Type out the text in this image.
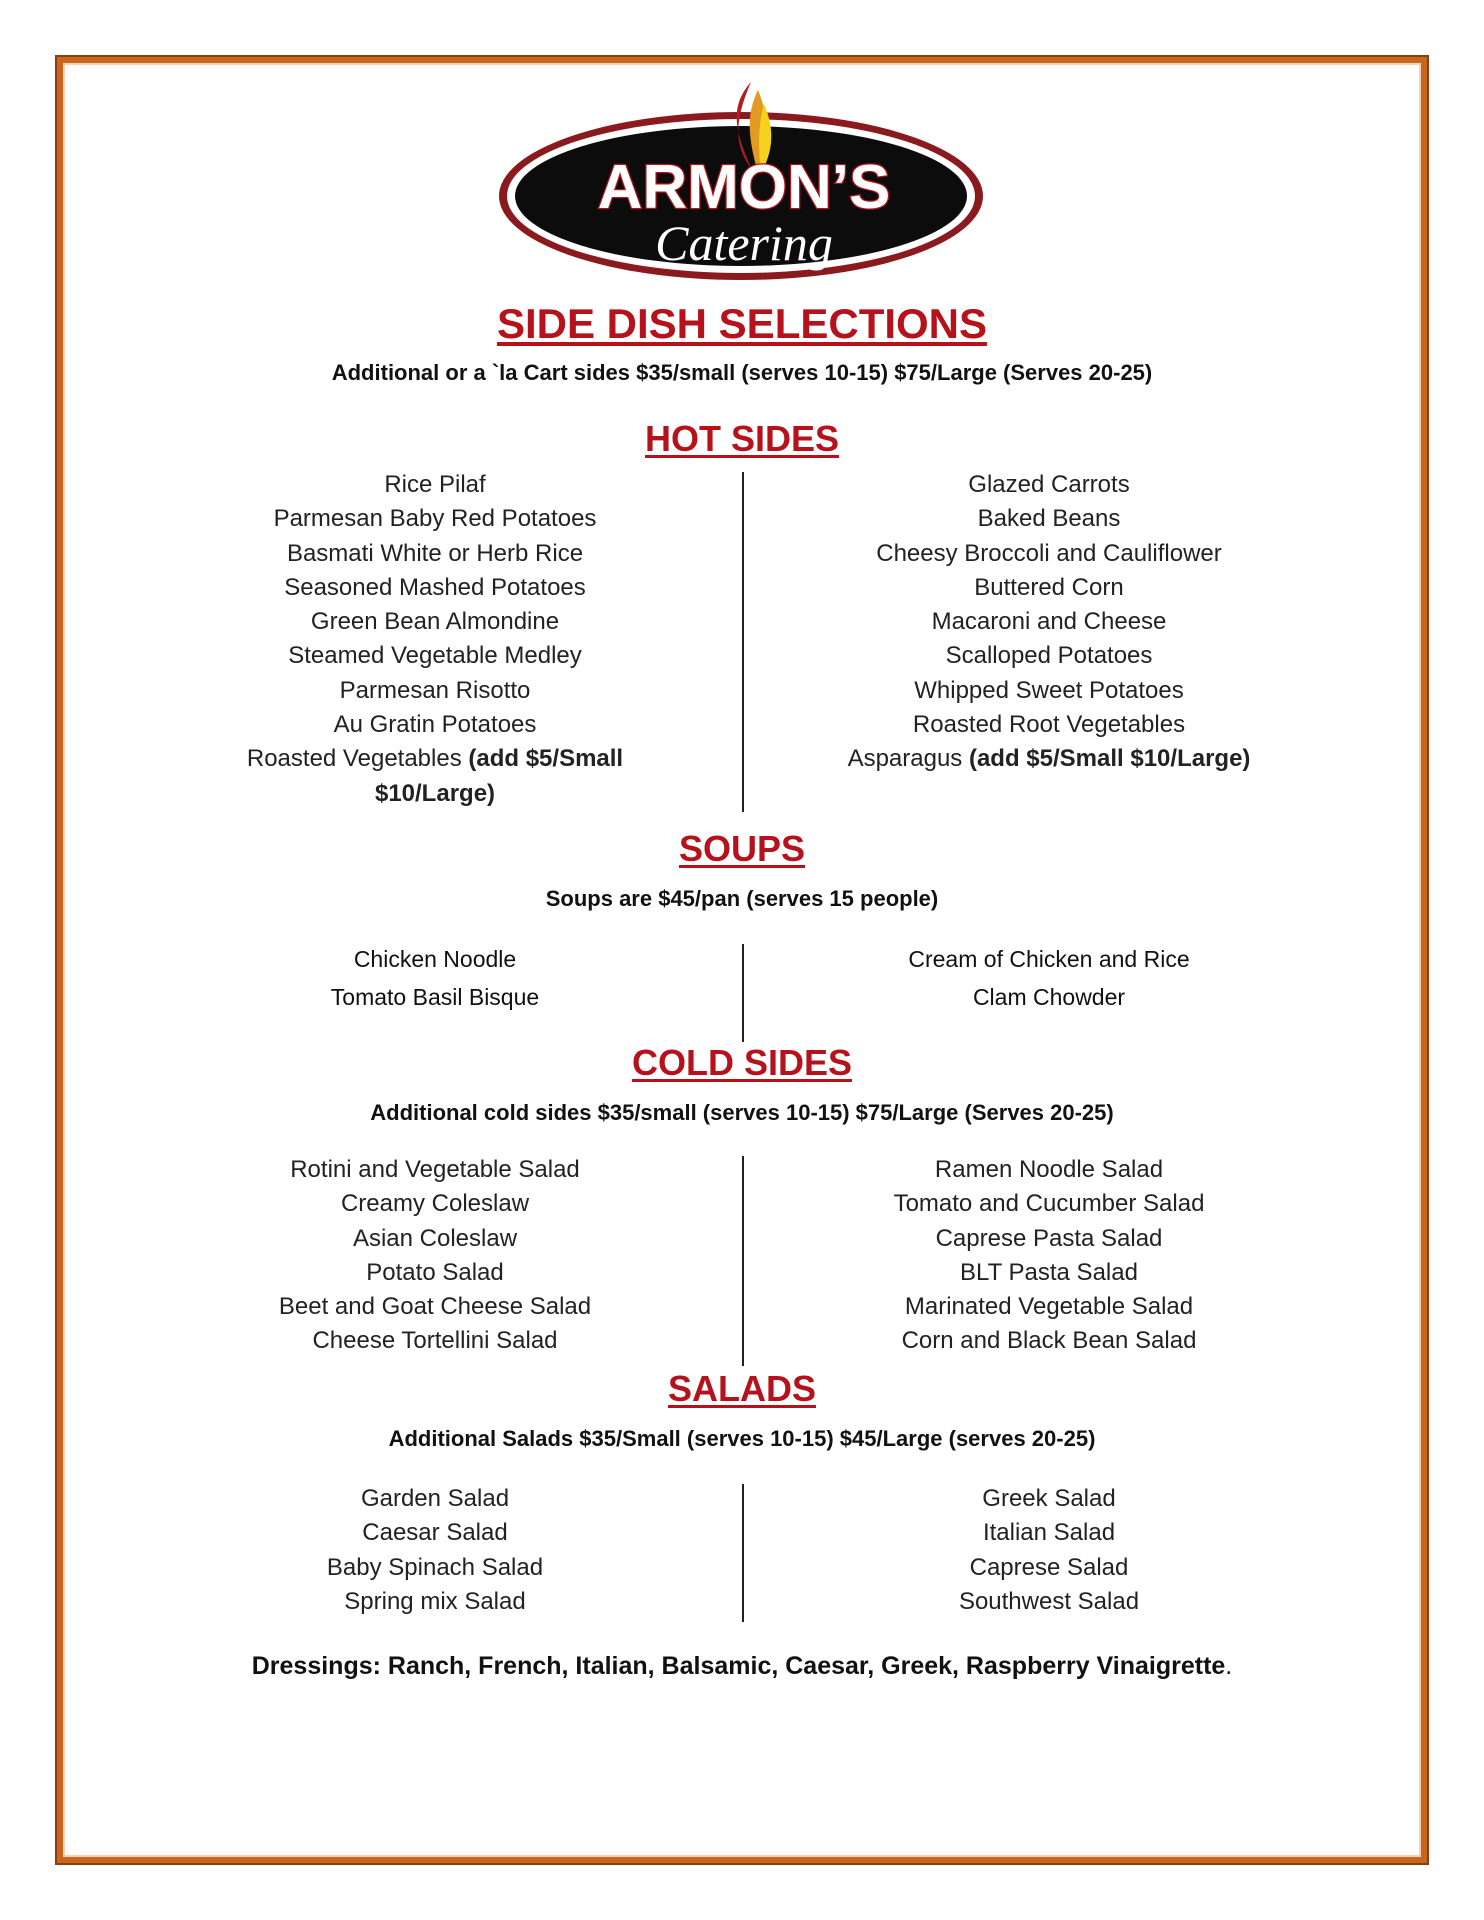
ARMON’S
Catering
SIDE DISH SELECTIONS
Additional or a `la Cart sides $35/small (serves 10-15) $75/Large (Serves 20-25)
HOT SIDES
Rice Pilaf
Parmesan Baby Red Potatoes
Basmati White or Herb Rice
Seasoned Mashed Potatoes
Green Bean Almondine
Steamed Vegetable Medley
Parmesan Risotto
Au Gratin Potatoes
Roasted Vegetables (add $5/Small
$10/Large)
Glazed Carrots
Baked Beans
Cheesy Broccoli and Cauliflower
Buttered Corn
Macaroni and Cheese
Scalloped Potatoes
Whipped Sweet Potatoes
Roasted Root Vegetables
Asparagus (add $5/Small $10/Large)
SOUPS
Soups are $45/pan (serves 15 people)
Chicken Noodle
Tomato Basil Bisque
Cream of Chicken and Rice
Clam Chowder
COLD SIDES
Additional cold sides $35/small (serves 10-15) $75/Large (Serves 20-25)
Rotini and Vegetable Salad
Creamy Coleslaw
Asian Coleslaw
Potato Salad
Beet and Goat Cheese Salad
Cheese Tortellini Salad
Ramen Noodle Salad
Tomato and Cucumber Salad
Caprese Pasta Salad
BLT Pasta Salad
Marinated Vegetable Salad
Corn and Black Bean Salad
SALADS
Additional Salads $35/Small (serves 10-15) $45/Large (serves 20-25)
Garden Salad
Caesar Salad
Baby Spinach Salad
Spring mix Salad
Greek Salad
Italian Salad
Caprese Salad
Southwest Salad
Dressings: Ranch, French, Italian, Balsamic, Caesar, Greek, Raspberry Vinaigrette.
